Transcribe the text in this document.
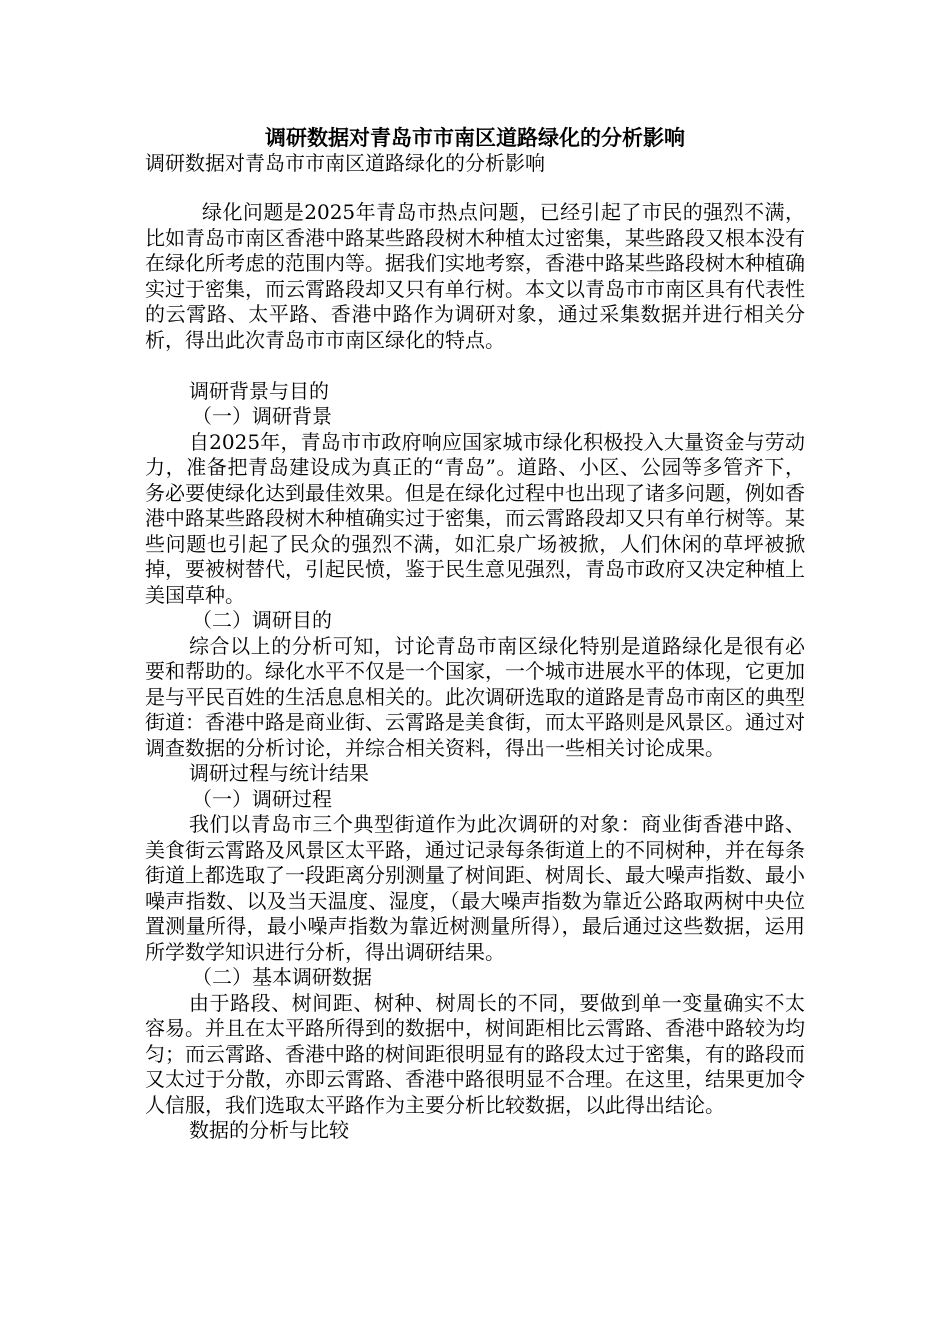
调研数据对青岛市市南区道路绿化的分析影响
调研数据对青岛市市南区道路绿化的分析影响

绿化问题是2025年青岛市热点问题，已经引起了市民的强烈不满，比如青岛市南区香港中路某些路段树木种植太过密集，某些路段又根本没有在绿化所考虑的范围内等。据我们实地考察，香港中路某些路段树木种植确实过于密集，而云霄路段却又只有单行树。本文以青岛市市南区具有代表性的云霄路、太平路、香港中路作为调研对象，通过采集数据并进行相关分析，得出此次青岛市市南区绿化的特点。

调研背景与目的

（一）调研背景

自2025年，青岛市市政府响应国家城市绿化积极投入大量资金与劳动力，准备把青岛建设成为真正的“青岛”。道路、小区、公园等多管齐下，务必要使绿化达到最佳效果。但是在绿化过程中也出现了诸多问题，例如香港中路某些路段树木种植确实过于密集，而云霄路段却又只有单行树等。某些问题也引起了民众的强烈不满，如汇泉广场被掀，人们休闲的草坪被掀掉，要被树替代，引起民愤，鉴于民生意见强烈，青岛市政府又决定种植上美国草种。

（二）调研目的

综合以上的分析可知，讨论青岛市南区绿化特别是道路绿化是很有必要和帮助的。绿化水平不仅是一个国家，一个城市进展水平的体现，它更加是与平民百姓的生活息息相关的。此次调研选取的道路是青岛市南区的典型街道：香港中路是商业街、云霄路是美食街，而太平路则是风景区。通过对调查数据的分析讨论，并综合相关资料，得出一些相关讨论成果。

调研过程与统计结果

（一）调研过程

我们以青岛市三个典型街道作为此次调研的对象：商业街香港中路、美食街云霄路及风景区太平路，通过记录每条街道上的不同树种，并在每条街道上都选取了一段距离分别测量了树间距、树周长、最大噪声指数、最小噪声指数、以及当天温度、湿度，（最大噪声指数为靠近公路取两树中央位置测量所得，最小噪声指数为靠近树测量所得），最后通过这些数据，运用所学数学知识进行分析，得出调研结果。

（二）基本调研数据

由于路段、树间距、树种、树周长的不同，要做到单一变量确实不太容易。并且在太平路所得到的数据中，树间距相比云霄路、香港中路较为均匀；而云霄路、香港中路的树间距很明显有的路段太过于密集，有的路段而又太过于分散，亦即云霄路、香港中路很明显不合理。在这里，结果更加令人信服，我们选取太平路作为主要分析比较数据，以此得出结论。

数据的分析与比较
